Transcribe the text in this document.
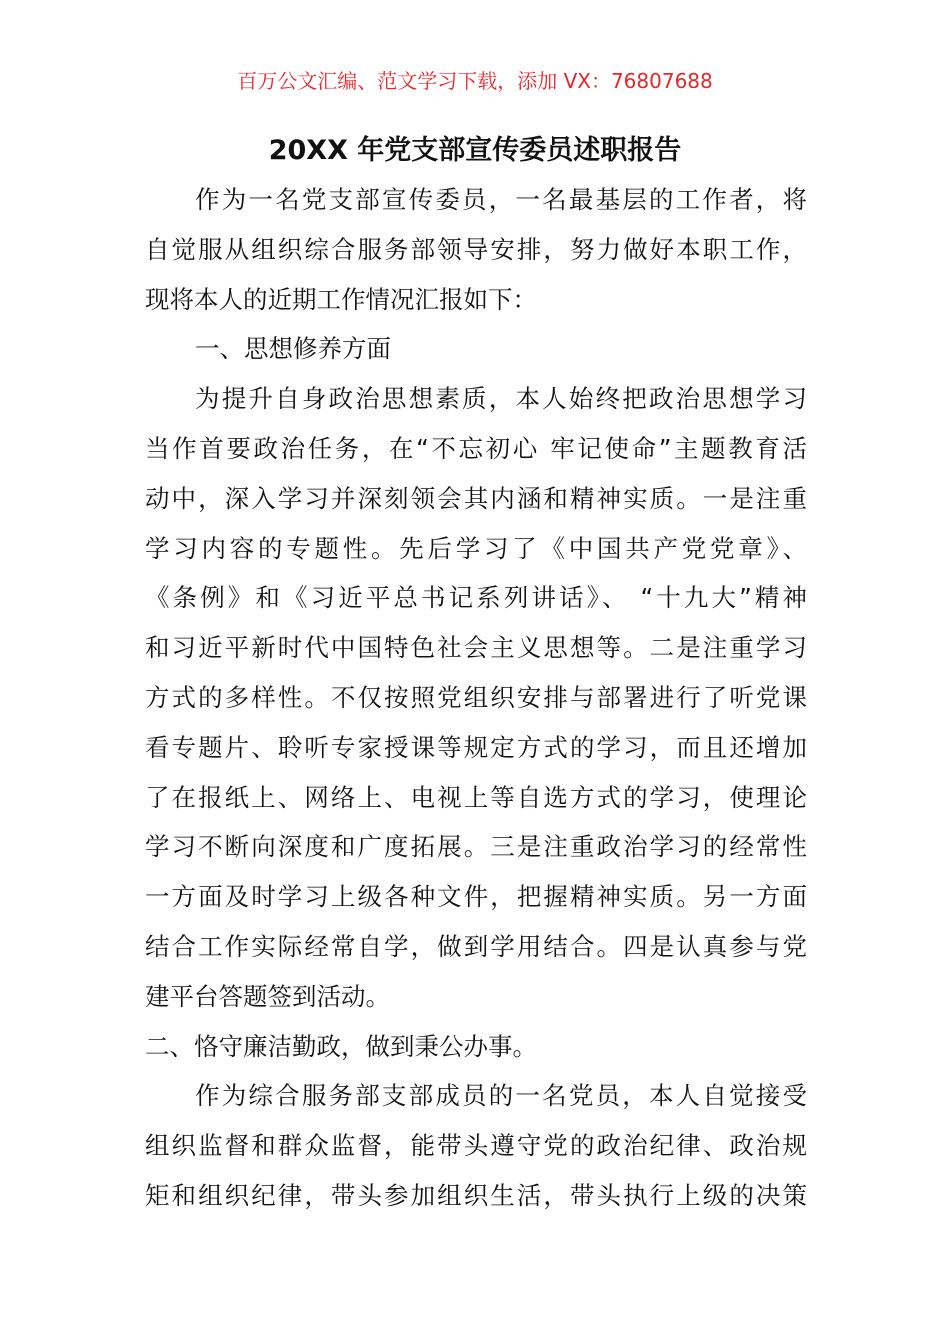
百万公文汇编、范文学习下载，添加 VX：76807688
20XX 年党支部宣传委员述职报告
作为一名党支部宣传委员，一名最基层的工作者，将
自觉服从组织综合服务部领导安排，努力做好本职工作，
现将本人的近期工作情况汇报如下：
一、思想修养方面
为提升自身政治思想素质，本人始终把政治思想学习
当作首要政治任务，在“不忘初心 牢记使命”主题教育活
动中，深入学习并深刻领会其内涵和精神实质。一是注重
学习内容的专题性。先后学习了《中国共产党党章》、
《条例》和《习近平总书记系列讲话》、 “十九大”精神
和习近平新时代中国特色社会主义思想等。二是注重学习
方式的多样性。不仅按照党组织安排与部署进行了听党课
看专题片、聆听专家授课等规定方式的学习，而且还增加
了在报纸上、网络上、电视上等自选方式的学习，使理论
学习不断向深度和广度拓展。三是注重政治学习的经常性
一方面及时学习上级各种文件，把握精神实质。另一方面
结合工作实际经常自学，做到学用结合。四是认真参与党
建平台答题签到活动。
二、恪守廉洁勤政，做到秉公办事。
作为综合服务部支部成员的一名党员，本人自觉接受
组织监督和群众监督，能带头遵守党的政治纪律、政治规
矩和组织纪律，带头参加组织生活，带头执行上级的决策
